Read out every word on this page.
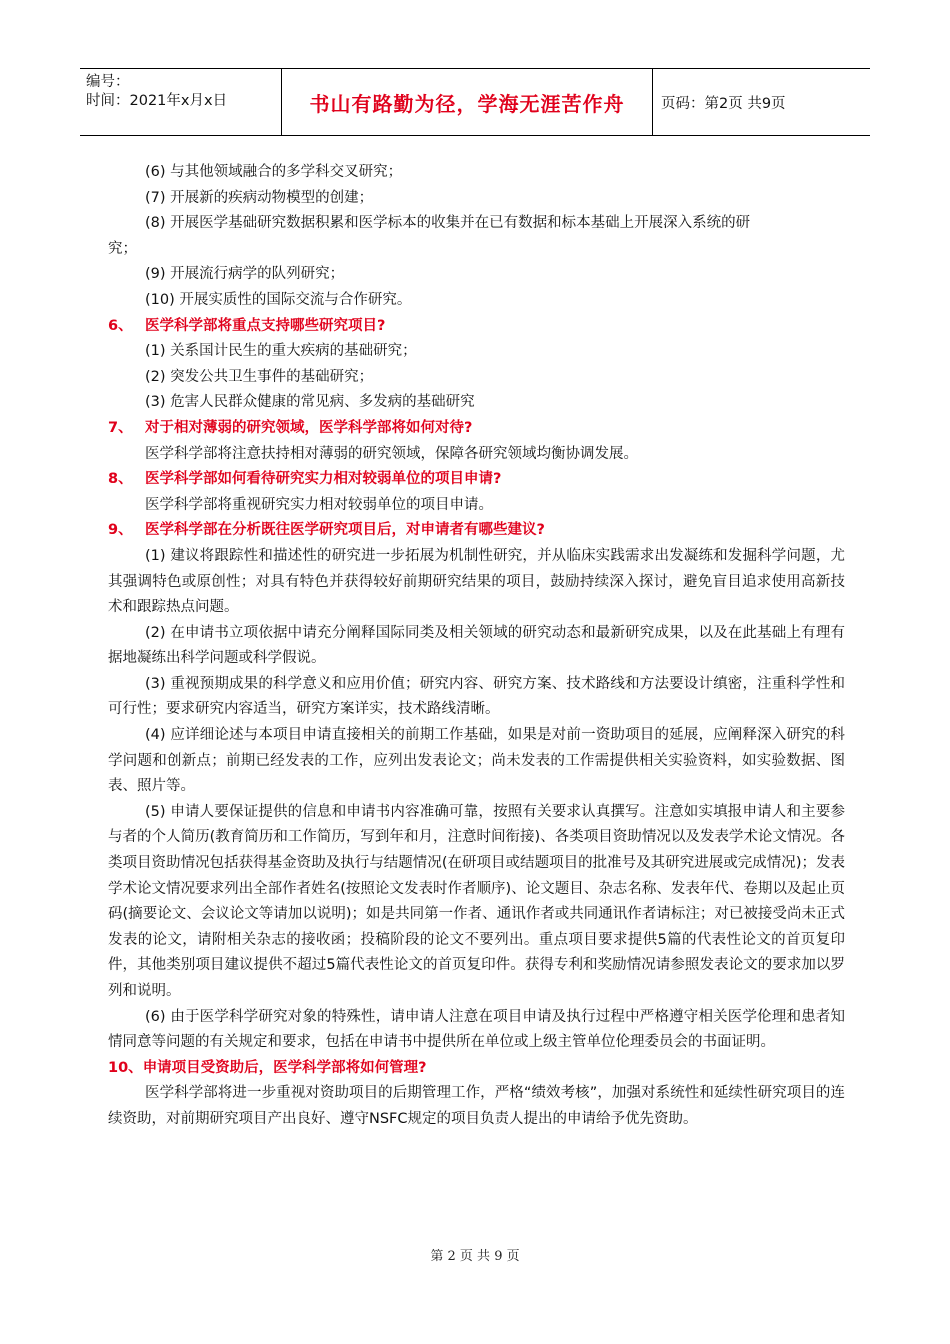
编号：
时间：2021年x月x日	书山有路勤为径，学海无涯苦作舟	页码：第2页 共9页
(6) 与其他领域融合的多学科交叉研究；
(7) 开展新的疾病动物模型的创建；
(8) 开展医学基础研究数据积累和医学标本的收集并在已有数据和标本基础上开展深入系统的研
究；
(9) 开展流行病学的队列研究；
(10) 开展实质性的国际交流与合作研究。
6、 医学科学部将重点支持哪些研究项目?
(1) 关系国计民生的重大疾病的基础研究；
(2) 突发公共卫生事件的基础研究；
(3) 危害人民群众健康的常见病、多发病的基础研究
7、 对于相对薄弱的研究领域，医学科学部将如何对待?
医学科学部将注意扶持相对薄弱的研究领域，保障各研究领域均衡协调发展。
8、 医学科学部如何看待研究实力相对较弱单位的项目申请?
医学科学部将重视研究实力相对较弱单位的项目申请。
9、 医学科学部在分析既往医学研究项目后，对申请者有哪些建议?
(1) 建议将跟踪性和描述性的研究进一步拓展为机制性研究，并从临床实践需求出发凝练和发掘科学问题，尤其强调特色或原创性；对具有特色并获得较好前期研究结果的项目，鼓励持续深入探讨，避免盲目追求使用高新技术和跟踪热点问题。
(2) 在申请书立项依据中请充分阐释国际同类及相关领域的研究动态和最新研究成果，以及在此基础上有理有据地凝练出科学问题或科学假说。
(3) 重视预期成果的科学意义和应用价值；研究内容、研究方案、技术路线和方法要设计缜密，注重科学性和可行性；要求研究内容适当，研究方案详实，技术路线清晰。
(4) 应详细论述与本项目申请直接相关的前期工作基础，如果是对前一资助项目的延展，应阐释深入研究的科学问题和创新点；前期已经发表的工作，应列出发表论文；尚未发表的工作需提供相关实验资料，如实验数据、图表、照片等。
(5) 申请人要保证提供的信息和申请书内容准确可靠，按照有关要求认真撰写。注意如实填报申请人和主要参与者的个人简历(教育简历和工作简历，写到年和月，注意时间衔接)、各类项目资助情况以及发表学术论文情况。各类项目资助情况包括获得基金资助及执行与结题情况(在研项目或结题项目的批准号及其研究进展或完成情况)；发表学术论文情况要求列出全部作者姓名(按照论文发表时作者顺序)、论文题目、杂志名称、发表年代、卷期以及起止页码(摘要论文、会议论文等请加以说明)；如是共同第一作者、通讯作者或共同通讯作者请标注；对已被接受尚未正式发表的论文，请附相关杂志的接收函；投稿阶段的论文不要列出。重点项目要求提供5篇的代表性论文的首页复印件，其他类别项目建议提供不超过5篇代表性论文的首页复印件。获得专利和奖励情况请参照发表论文的要求加以罗列和说明。
(6) 由于医学科学研究对象的特殊性，请申请人注意在项目申请及执行过程中严格遵守相关医学伦理和患者知情同意等问题的有关规定和要求，包括在申请书中提供所在单位或上级主管单位伦理委员会的书面证明。
10、 申请项目受资助后，医学科学部将如何管理?
医学科学部将进一步重视对资助项目的后期管理工作，严格“绩效考核”，加强对系统性和延续性研究项目的连续资助，对前期研究项目产出良好、遵守NSFC规定的项目负责人提出的申请给予优先资助。
第 2 页 共 9 页
